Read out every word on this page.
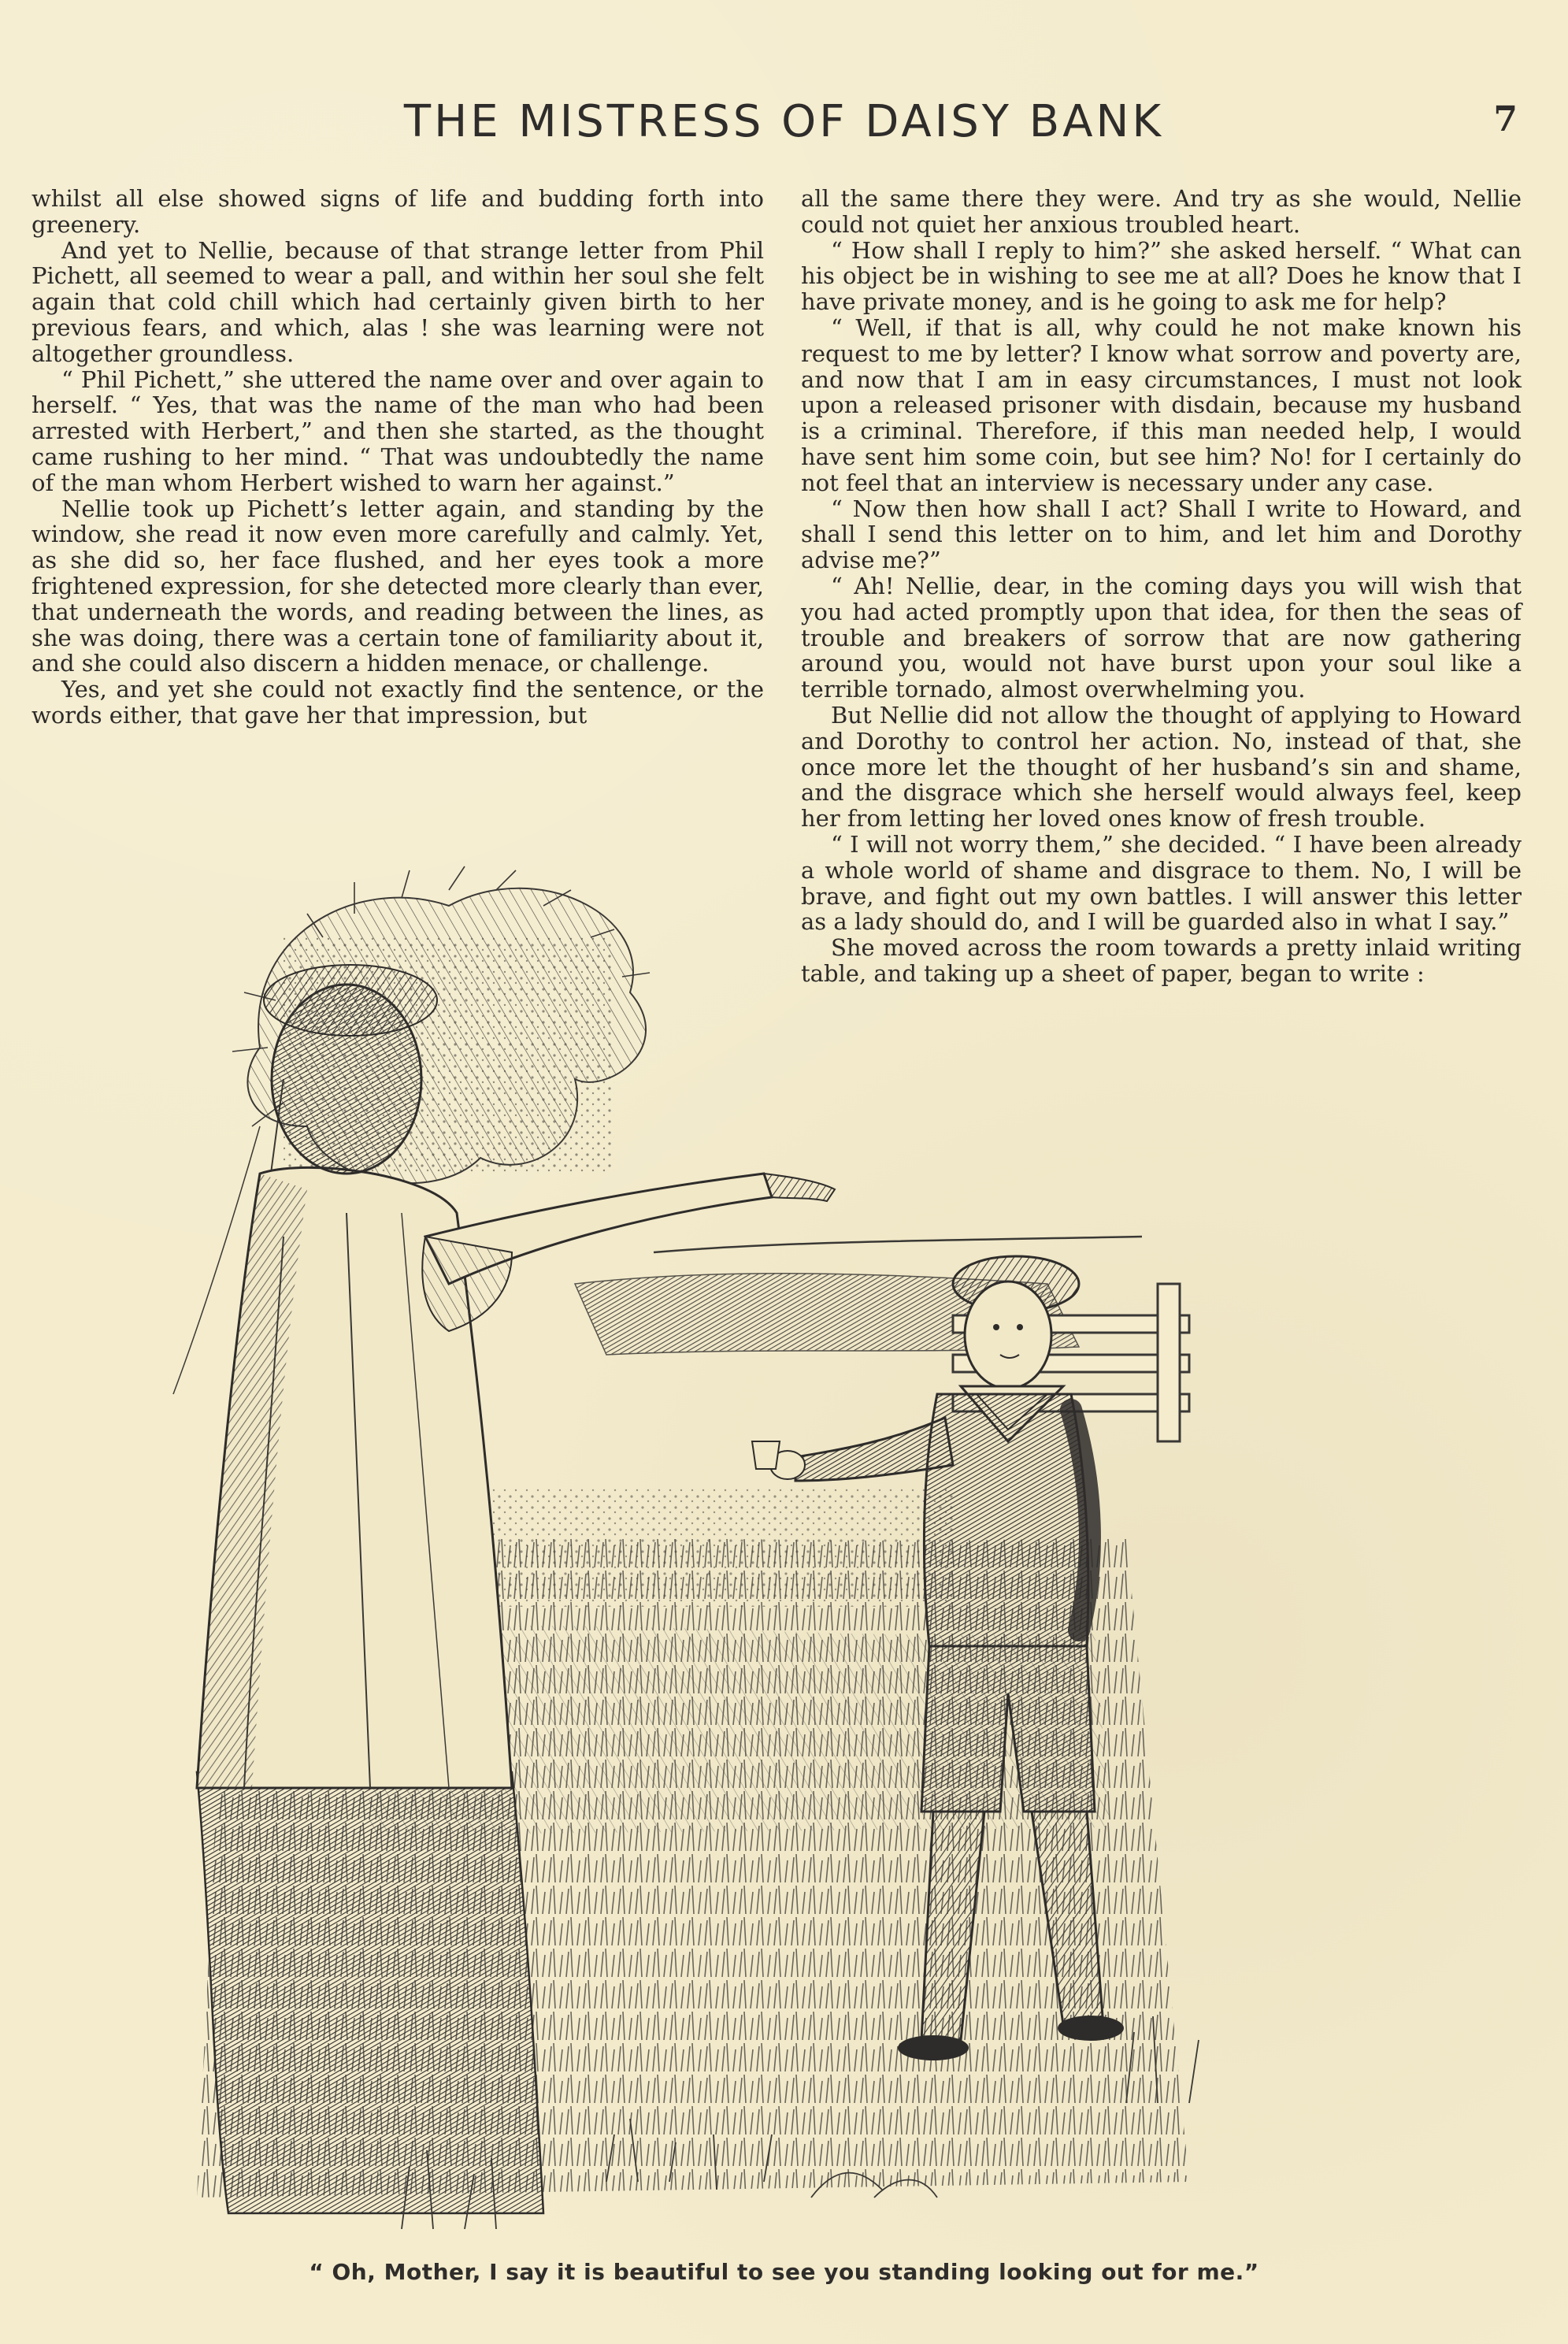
THE MISTRESS OF DAISY BANK	7

whilst all else showed signs of life and budding forth into greenery.

And yet to Nellie, because of that strange letter from Phil Pichett, all seemed to wear a pall, and within her soul she felt again that cold chill which had certainly given birth to her previous fears, and which, alas ! she was learning were not altogether groundless.

“ Phil Pichett,” she uttered the name over and over again to herself. “ Yes, that was the name of the man who had been arrested with Herbert,” and then she started, as the thought came rushing to her mind. “ That was undoubtedly the name of the man whom Herbert wished to warn her against.”

Nellie took up Pichett’s letter again, and standing by the window, she read it now even more carefully and calmly. Yet, as she did so, her face flushed, and her eyes took a more frightened expression, for she detected more clearly than ever, that underneath the words, and reading between the lines, as she was doing, there was a certain tone of familiarity about it, and she could also discern a hidden menace, or challenge.

Yes, and yet she could not exactly find the sentence, or the words either, that gave her that impression, but

all the same there they were. And try as she would, Nellie could not quiet her anxious troubled heart.

“ How shall I reply to him?” she asked herself. “ What can his object be in wishing to see me at all? Does he know that I have private money, and is he going to ask me for help?

“ Well, if that is all, why could he not make known his request to me by letter? I know what sorrow and poverty are, and now that I am in easy circumstances, I must not look upon a released prisoner with disdain, because my husband is a criminal. Therefore, if this man needed help, I would have sent him some coin, but see him? No! for I certainly do not feel that an interview is necessary under any case.

“ Now then how shall I act? Shall I write to Howard, and shall I send this letter on to him, and let him and Dorothy advise me?”

“ Ah! Nellie, dear, in the coming days you will wish that you had acted promptly upon that idea, for then the seas of trouble and breakers of sorrow that are now gathering around you, would not have burst upon your soul like a terrible tornado, almost overwhelming you.

But Nellie did not allow the thought of applying to Howard and Dorothy to control her action. No, instead of that, she once more let the thought of her husband’s sin and shame, and the disgrace which she herself would always feel, keep her from letting her loved ones know of fresh trouble.

“ I will not worry them,” she decided. “ I have been already a whole world of shame and disgrace to them. No, I will be brave, and fight out my own battles. I will answer this letter as a lady should do, and I will be guarded also in what I say.”

She moved across the room towards a pretty inlaid writing table, and taking up a sheet of paper, began to write :

“ Oh, Mother, I say it is beautiful to see you standing looking out for me.”
